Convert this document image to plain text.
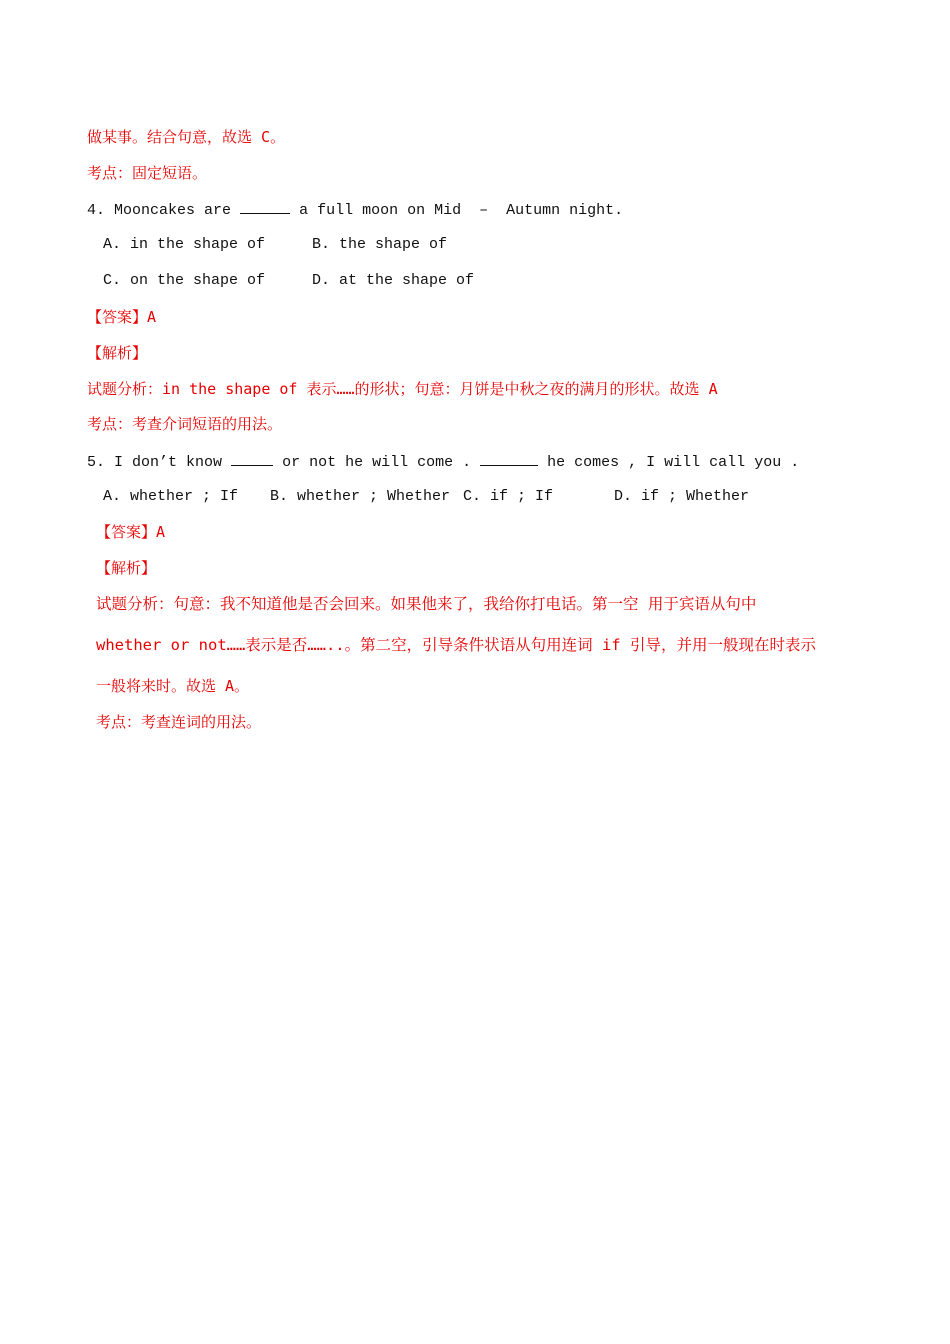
做某事。结合句意，故选 C。
考点：固定短语。
4. Mooncakes are	a full moon on Mid  –  Autumn night.
A. in the shape of	B. the shape of
C. on the shape of	D. at the shape of
【答案】A
【解析】
试题分析：in the shape of 表示……的形状；句意：月饼是中秋之夜的满月的形状。故选 A
考点：考查介词短语的用法。
5. I don’t know	or not he will come .	he comes , I will call you .
A. whether ; If B. whether ; Whether C. if ; If	D. if ; Whether
【答案】A
【解析】
试题分析：句意：我不知道他是否会回来。如果他来了，我给你打电话。第一空 用于宾语从句中
whether or not……表示是否……..。第二空，引导条件状语从句用连词 if 引导，并用一般现在时表示
一般将来时。故选 A。
考点：考查连词的用法。
